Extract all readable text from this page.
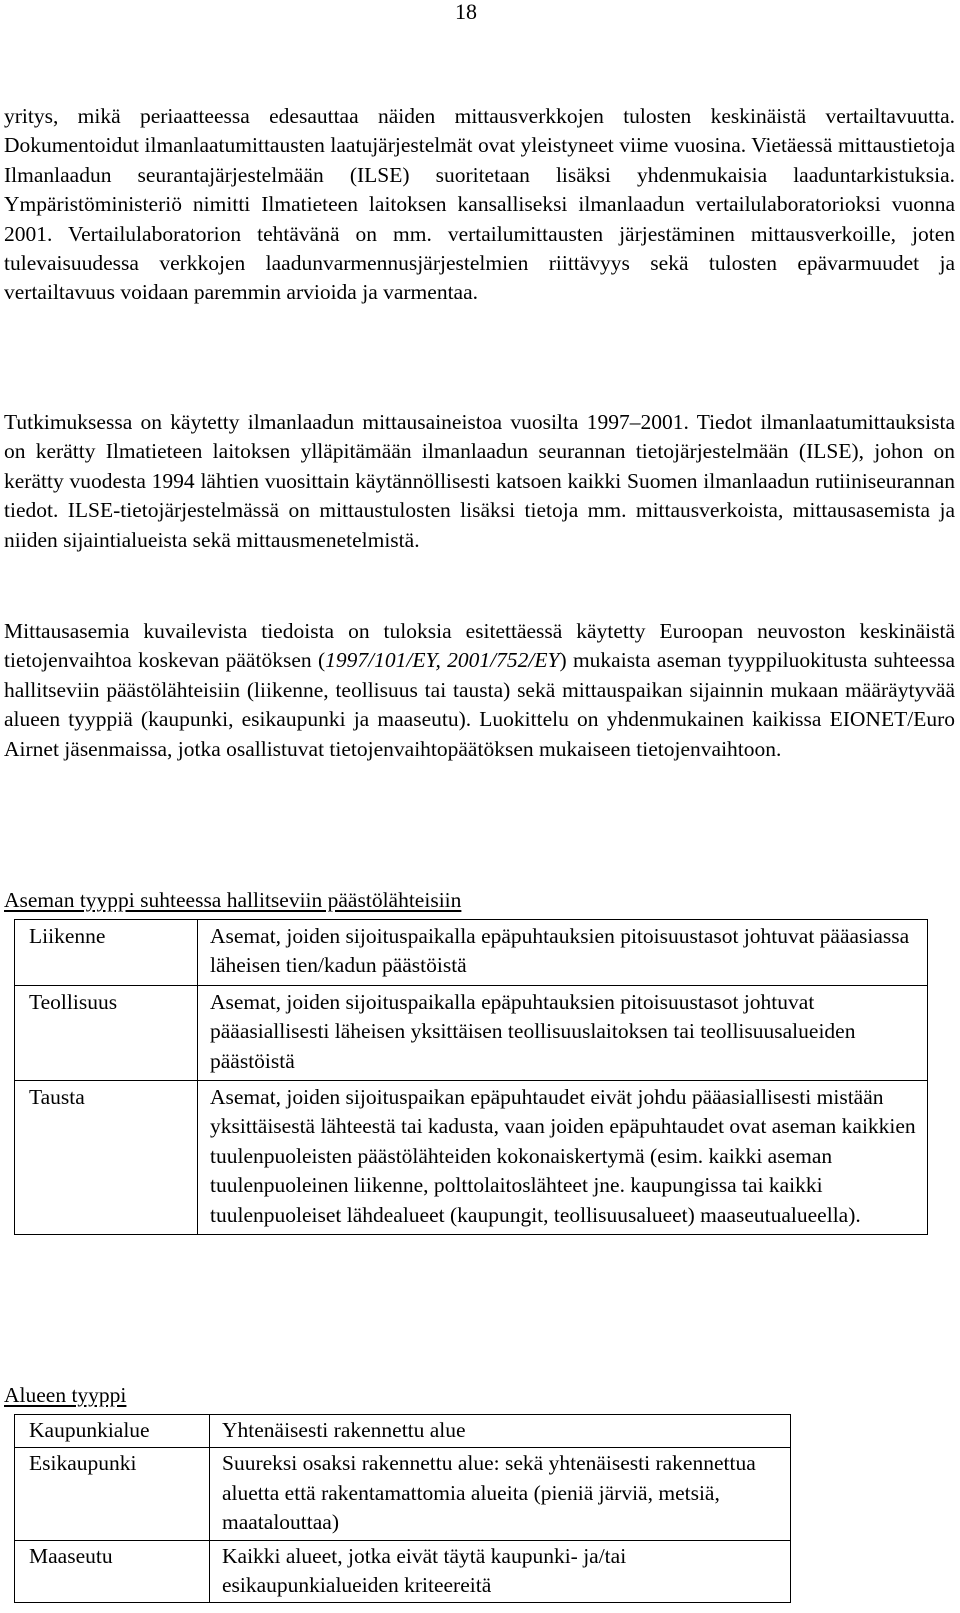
18

yritys, mikä periaatteessa edesauttaa näiden mittausverkkojen tulosten keskinäistä vertailtavuutta. Dokumentoidut ilmanlaatumittausten laatujärjestelmät ovat yleistyneet viime vuosina. Vietäessä mittaustietoja Ilmanlaadun seurantajärjestelmään (ILSE) suoritetaan lisäksi yhdenmukaisia laaduntarkistuksia. Ympäristöministeriö nimitti Ilmatieteen laitoksen kansalliseksi ilmanlaadun vertailulaboratorioksi vuonna 2001. Vertailulaboratorion tehtävänä on mm. vertailumittausten järjestäminen mittausverkoille, joten tulevaisuudessa verkkojen laadunvarmennusjärjestelmien riittävyys sekä tulosten epävarmuudet ja vertailtavuus voidaan paremmin arvioida ja varmentaa.

Tutkimuksessa on käytetty ilmanlaadun mittausaineistoa vuosilta 1997–2001. Tiedot ilmanlaatumittauksista on kerätty Ilmatieteen laitoksen ylläpitämään ilmanlaadun seurannan tietojärjestelmään (ILSE), johon on kerätty vuodesta 1994 lähtien vuosittain käytännöllisesti katsoen kaikki Suomen ilmanlaadun rutiiniseurannan tiedot. ILSE-tietojärjestelmässä on mittaustulosten lisäksi tietoja mm. mittausverkoista, mittausasemista ja niiden sijaintialueista sekä mittausmenetelmistä.

Mittausasemia kuvailevista tiedoista on tuloksia esitettäessä käytetty Euroopan neuvoston keskinäistä tietojenvaihtoa koskevan päätöksen (1997/101/EY, 2001/752/EY) mukaista aseman tyyppiluokitusta suhteessa hallitseviin päästölähteisiin (liikenne, teollisuus tai tausta) sekä mittauspaikan sijainnin mukaan määräytyvää alueen tyyppiä (kaupunki, esikaupunki ja maaseutu). Luokittelu on yhdenmukainen kaikissa EIONET/Euro Airnet jäsenmaissa, jotka osallistuvat tietojenvaihtopäätöksen mukaiseen tietojenvaihtoon.

Aseman tyyppi suhteessa hallitseviin päästölähteisiin
Liikenne	Asemat, joiden sijoituspaikalla epäpuhtauksien pitoisuustasot johtuvat pääasiassa läheisen tien/kadun päästöistä
Teollisuus	Asemat, joiden sijoituspaikalla epäpuhtauksien pitoisuustasot johtuvat pääasiallisesti läheisen yksittäisen teollisuuslaitoksen tai teollisuusalueiden päästöistä
Tausta	Asemat, joiden sijoituspaikan epäpuhtaudet eivät johdu pääasiallisesti mistään yksittäisestä lähteestä tai kadusta, vaan joiden epäpuhtaudet ovat aseman kaikkien tuulenpuoleisten päästölähteiden kokonaiskertymä (esim. kaikki aseman tuulenpuoleinen liikenne, polttolaitoslähteet jne. kaupungissa tai kaikki tuulenpuoleiset lähdealueet (kaupungit, teollisuusalueet) maaseutualueella).
Alueen tyyppi
Kaupunkialue	Yhtenäisesti rakennettu alue
Esikaupunki	Suureksi osaksi rakennettu alue: sekä yhtenäisesti rakennettua aluetta että rakentamattomia alueita (pieniä järviä, metsiä, maatalouttaa)
Maaseutu	Kaikki alueet, jotka eivät täytä kaupunki- ja/tai esikaupunkialueiden kriteereitä
